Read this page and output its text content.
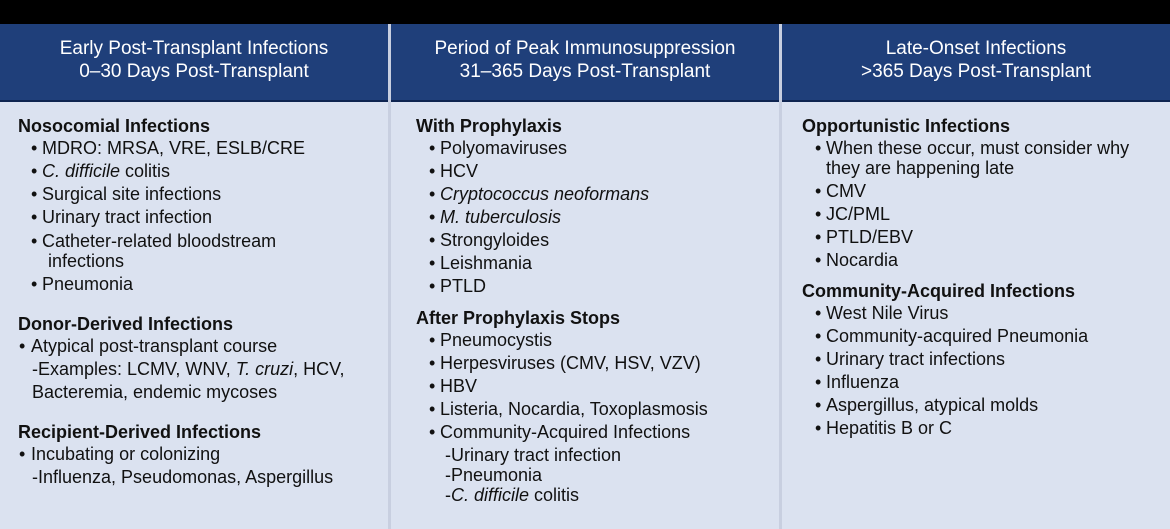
Early Post-Transplant Infections
0–30 Days Post-Transplant
Nosocomial Infections
• MDRO: MRSA, VRE, ESLB/CRE
• C. difficile colitis
• Surgical site infections
• Urinary tract infection
• Catheter-related bloodstream
infections
• Pneumonia
Donor-Derived Infections
• Atypical post-transplant course
-Examples: LCMV, WNV, T. cruzi, HCV,
Bacteremia, endemic mycoses
Recipient-Derived Infections
• Incubating or colonizing
-Influenza, Pseudomonas, Aspergillus
Period of Peak Immunosuppression
31–365 Days Post-Transplant
With Prophylaxis
• Polyomaviruses
• HCV
• Cryptococcus neoformans
• M. tuberculosis
• Strongyloides
• Leishmania
• PTLD
After Prophylaxis Stops
• Pneumocystis
• Herpesviruses (CMV, HSV, VZV)
• HBV
• Listeria, Nocardia, Toxoplasmosis
• Community-Acquired Infections
-Urinary tract infection
-Pneumonia
-C. difficile colitis
Late-Onset Infections
>365 Days Post-Transplant
Opportunistic Infections
• When these occur, must consider why
they are happening late
• CMV
• JC/PML
• PTLD/EBV
• Nocardia
Community-Acquired Infections
• West Nile Virus
• Community-acquired Pneumonia
• Urinary tract infections
• Influenza
• Aspergillus, atypical molds
• Hepatitis B or C
